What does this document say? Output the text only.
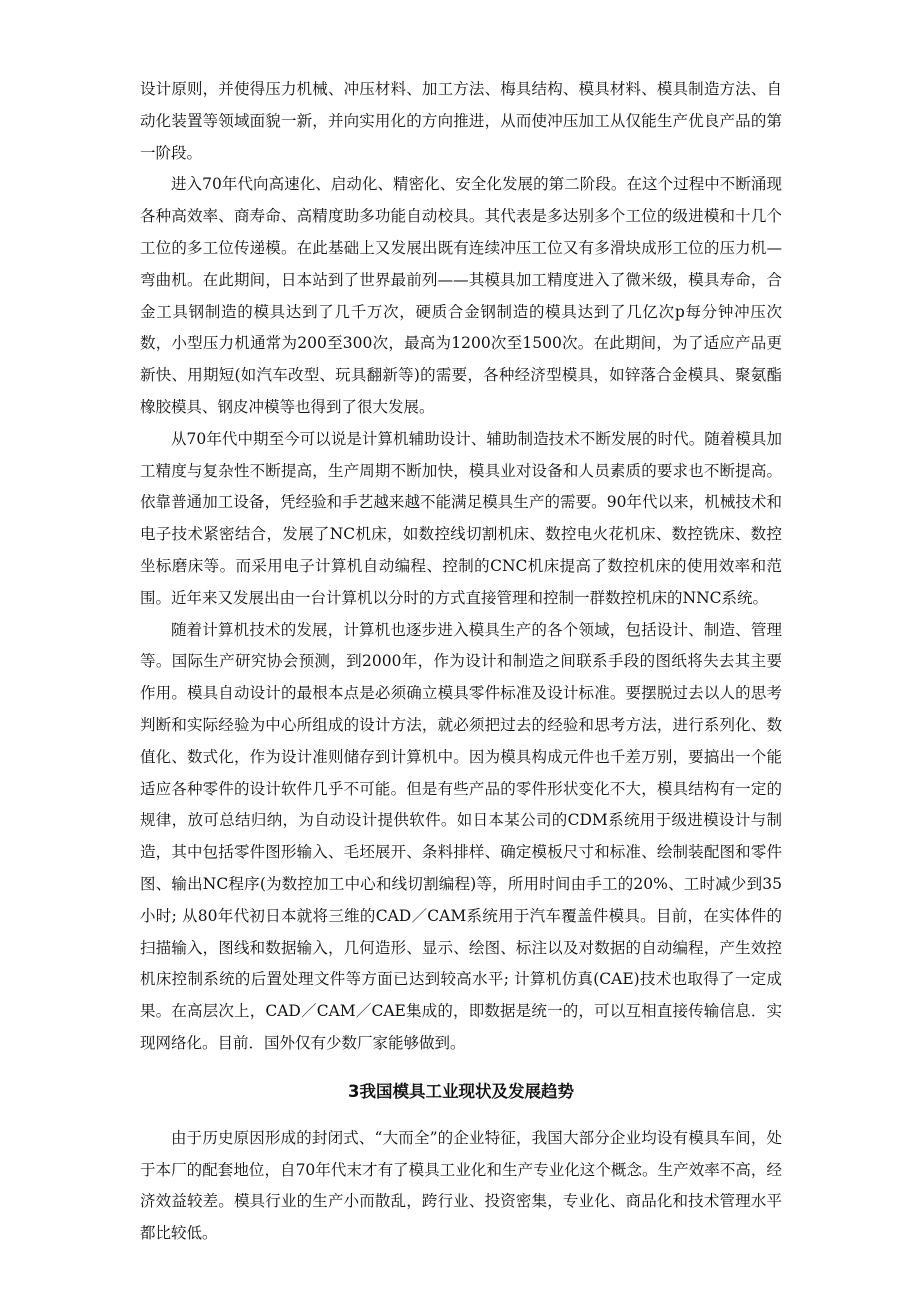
设计原则，并使得压力机械、冲压材料、加工方法、梅具结构、模具材料、模具制造方法、自动化装置等领域面貌一新，并向实用化的方向推进，从而使冲压加工从仅能生产优良产品的第一阶段。

进入70年代向高速化、启动化、精密化、安全化发展的第二阶段。在这个过程中不断涌现各种高效率、商寿命、高精度助多功能自动校具。其代表是多达别多个工位的级进模和十几个工位的多工位传递模。在此基础上又发展出既有连续冲压工位又有多滑块成形工位的压力机—弯曲机。在此期间，日本站到了世界最前列——其模具加工精度进入了微米级，模具寿命，合金工具钢制造的模具达到了几千万次，硬质合金钢制造的模具达到了几亿次p每分钟冲压次数，小型压力机通常为200至300次，最高为1200次至1500次。在此期间，为了适应产品更新快、用期短(如汽车改型、玩具翻新等)的需要，各种经济型模具，如锌落合金模具、聚氨酯橡胶模具、钢皮冲模等也得到了很大发展。

从70年代中期至今可以说是计算机辅助设计、辅助制造技术不断发展的时代。随着模具加工精度与复杂性不断提高，生产周期不断加快，模具业对设备和人员素质的要求也不断提高。依靠普通加工设备，凭经验和手艺越来越不能满足模具生产的需要。90年代以来，机械技术和电子技术紧密结合，发展了NC机床，如数控线切割机床、数控电火花机床、数控铣床、数控坐标磨床等。而采用电子计算机自动编程、控制的CNC机床提高了数控机床的使用效率和范围。近年来又发展出由一台计算机以分时的方式直接管理和控制一群数控机床的NNC系统。

随着计算机技术的发展，计算机也逐步进入模具生产的各个领域，包括设计、制造、管理等。国际生产研究协会预测，到2000年，作为设计和制造之间联系手段的图纸将失去其主要作用。模具自动设计的最根本点是必须确立模具零件标准及设计标准。要摆脱过去以人的思考判断和实际经验为中心所组成的设计方法，就必须把过去的经验和思考方法，进行系列化、数值化、数式化，作为设计准则储存到计算机中。因为模具构成元件也千差万别，要搞出一个能适应各种零件的设计软件几乎不可能。但是有些产品的零件形状变化不大，模具结构有一定的规律，放可总结归纳，为自动设计提供软件。如日本某公司的CDM系统用于级进模设计与制造，其中包括零件图形输入、毛坯展开、条料排样、确定模板尺寸和标准、绘制装配图和零件图、输出NC程序(为数控加工中心和线切割编程)等，所用时间由手工的20%、工时减少到35小时; 从80年代初日本就将三维的CAD／CAM系统用于汽车覆盖件模具。目前，在实体件的扫描输入，图线和数据输入，几何造形、显示、绘图、标注以及对数据的自动编程，产生效控机床控制系统的后置处理文件等方面已达到较高水平; 计算机仿真(CAE)技术也取得了一定成果。在高层次上，CAD／CAM／CAE集成的，即数据是统一的，可以互相直接传输信息．实现网络化。目前．国外仅有少数厂家能够做到。

3我国模具工业现状及发展趋势

由于历史原因形成的封闭式、“大而全”的企业特征，我国大部分企业均设有模具车间，处于本厂的配套地位，自70年代末才有了模具工业化和生产专业化这个概念。生产效率不高，经济效益较差。模具行业的生产小而散乱，跨行业、投资密集，专业化、商品化和技术管理水平都比较低。
